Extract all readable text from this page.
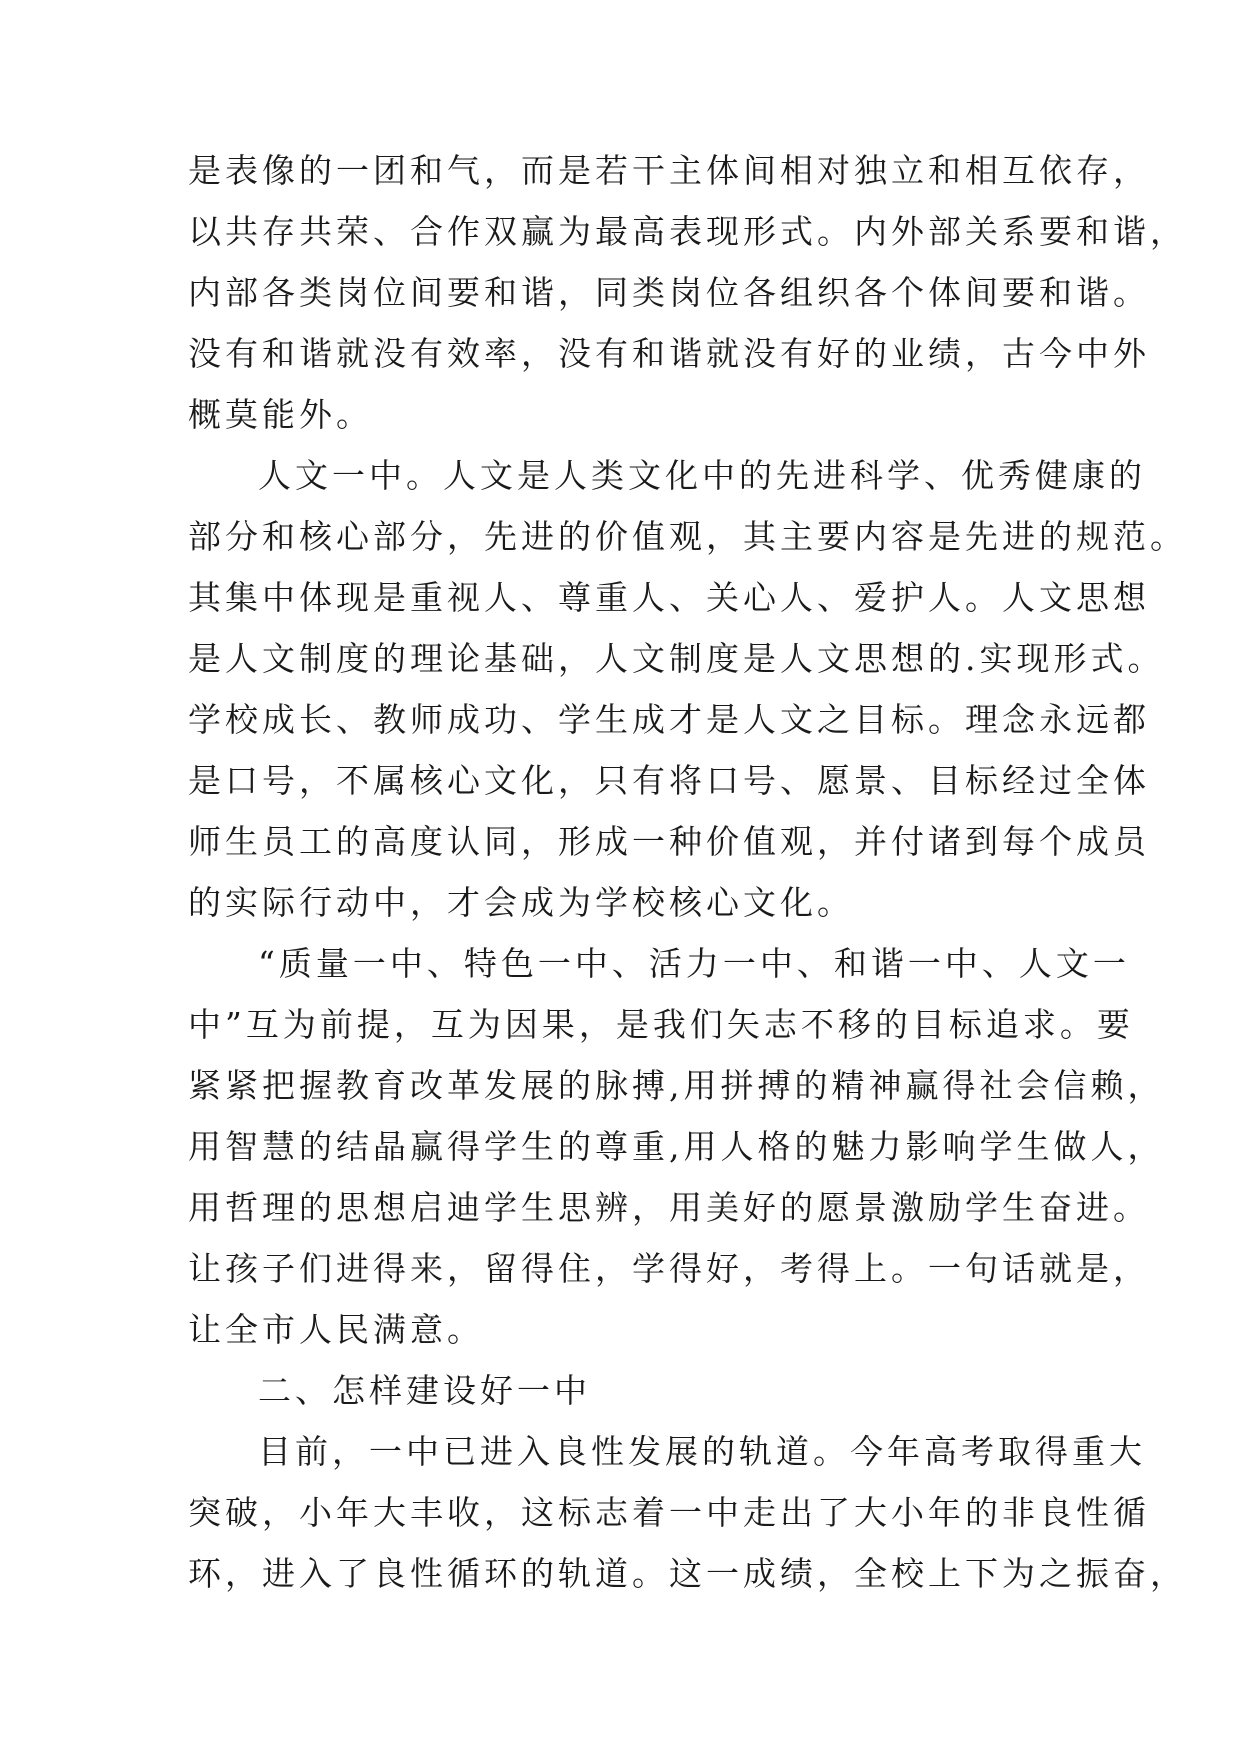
是表像的一团和气，而是若干主体间相对独立和相互依存，
以共存共荣、合作双赢为最高表现形式。内外部关系要和谐，
内部各类岗位间要和谐，同类岗位各组织各个体间要和谐。
没有和谐就没有效率，没有和谐就没有好的业绩，古今中外
概莫能外。
人文一中。人文是人类文化中的先进科学、优秀健康的
部分和核心部分，先进的价值观，其主要内容是先进的规范。
其集中体现是重视人、尊重人、关心人、爱护人。人文思想
是人文制度的理论基础，人文制度是人文思想的.实现形式。
学校成长、教师成功、学生成才是人文之目标。理念永远都
是口号，不属核心文化，只有将口号、愿景、目标经过全体
师生员工的高度认同，形成一种价值观，并付诸到每个成员
的实际行动中，才会成为学校核心文化。
“质量一中、特色一中、活力一中、和谐一中、人文一
中”互为前提，互为因果，是我们矢志不移的目标追求。要
紧紧把握教育改革发展的脉搏,用拼搏的精神赢得社会信赖，
用智慧的结晶赢得学生的尊重,用人格的魅力影响学生做人，
用哲理的思想启迪学生思辨，用美好的愿景激励学生奋进。
让孩子们进得来，留得住，学得好，考得上。一句话就是，
让全市人民满意。
二、怎样建设好一中
目前，一中已进入良性发展的轨道。今年高考取得重大
突破，小年大丰收，这标志着一中走出了大小年的非良性循
环，进入了良性循环的轨道。这一成绩，全校上下为之振奋，
